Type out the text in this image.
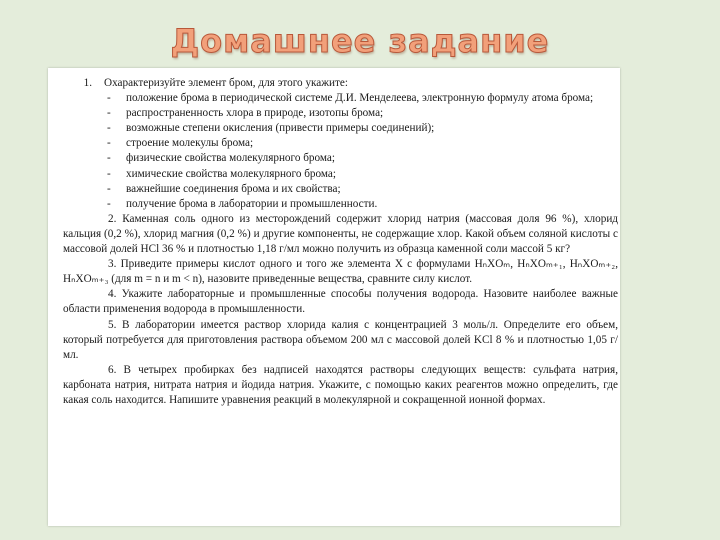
Домашнее задание
1.	Охарактеризуйте элемент бром, для этого укажите:
-	положение брома в периодической системе Д.И. Менделеева, электронную формулу атома брома;
-	распространенность хлора в природе, изотопы брома;
-	возможные степени окисления (привести примеры соединений);
-	строение молекулы брома;
-	физические свойства молекулярного брома;
-	химические свойства молекулярного брома;
-	важнейшие соединения брома и их свойства;
-	получение брома в лаборатории и промышленности.
2. Каменная соль одного из месторождений содержит хлорид натрия (массовая доля 96 %), хлорид кальция (0,2 %), хлорид магния (0,2 %) и другие компоненты, не содержащие хлор. Какой объем соляной кислоты с массовой долей HCl 36 % и плотностью 1,18 г/мл можно получить из образца каменной соли массой 5 кг?
3. Приведите примеры кислот одного и того же элемента X с формулами HₙXOₘ, HₙXOₘ₊₁, HₙXOₘ₊₂, HₙXOₘ₊₃ (для m = n и m < n), назовите приведенные вещества, сравните силу кислот.
4. Укажите лабораторные и промышленные способы получения водорода. Назовите наиболее важные области применения водорода в промышленности.
5. В лаборатории имеется раствор хлорида калия с концентрацией 3 моль/л. Определите его объем, который потребуется для приготовления раствора объемом 200 мл с массовой долей KCl 8 % и плотностью 1,05 г/мл.
6. В четырех пробирках без надписей находятся растворы следующих веществ: сульфата натрия, карбоната натрия, нитрата натрия и йодида натрия. Укажите, с помощью каких реагентов можно определить, где какая соль находится. Напишите уравнения реакций в молекулярной и сокращенной ионной формах.
